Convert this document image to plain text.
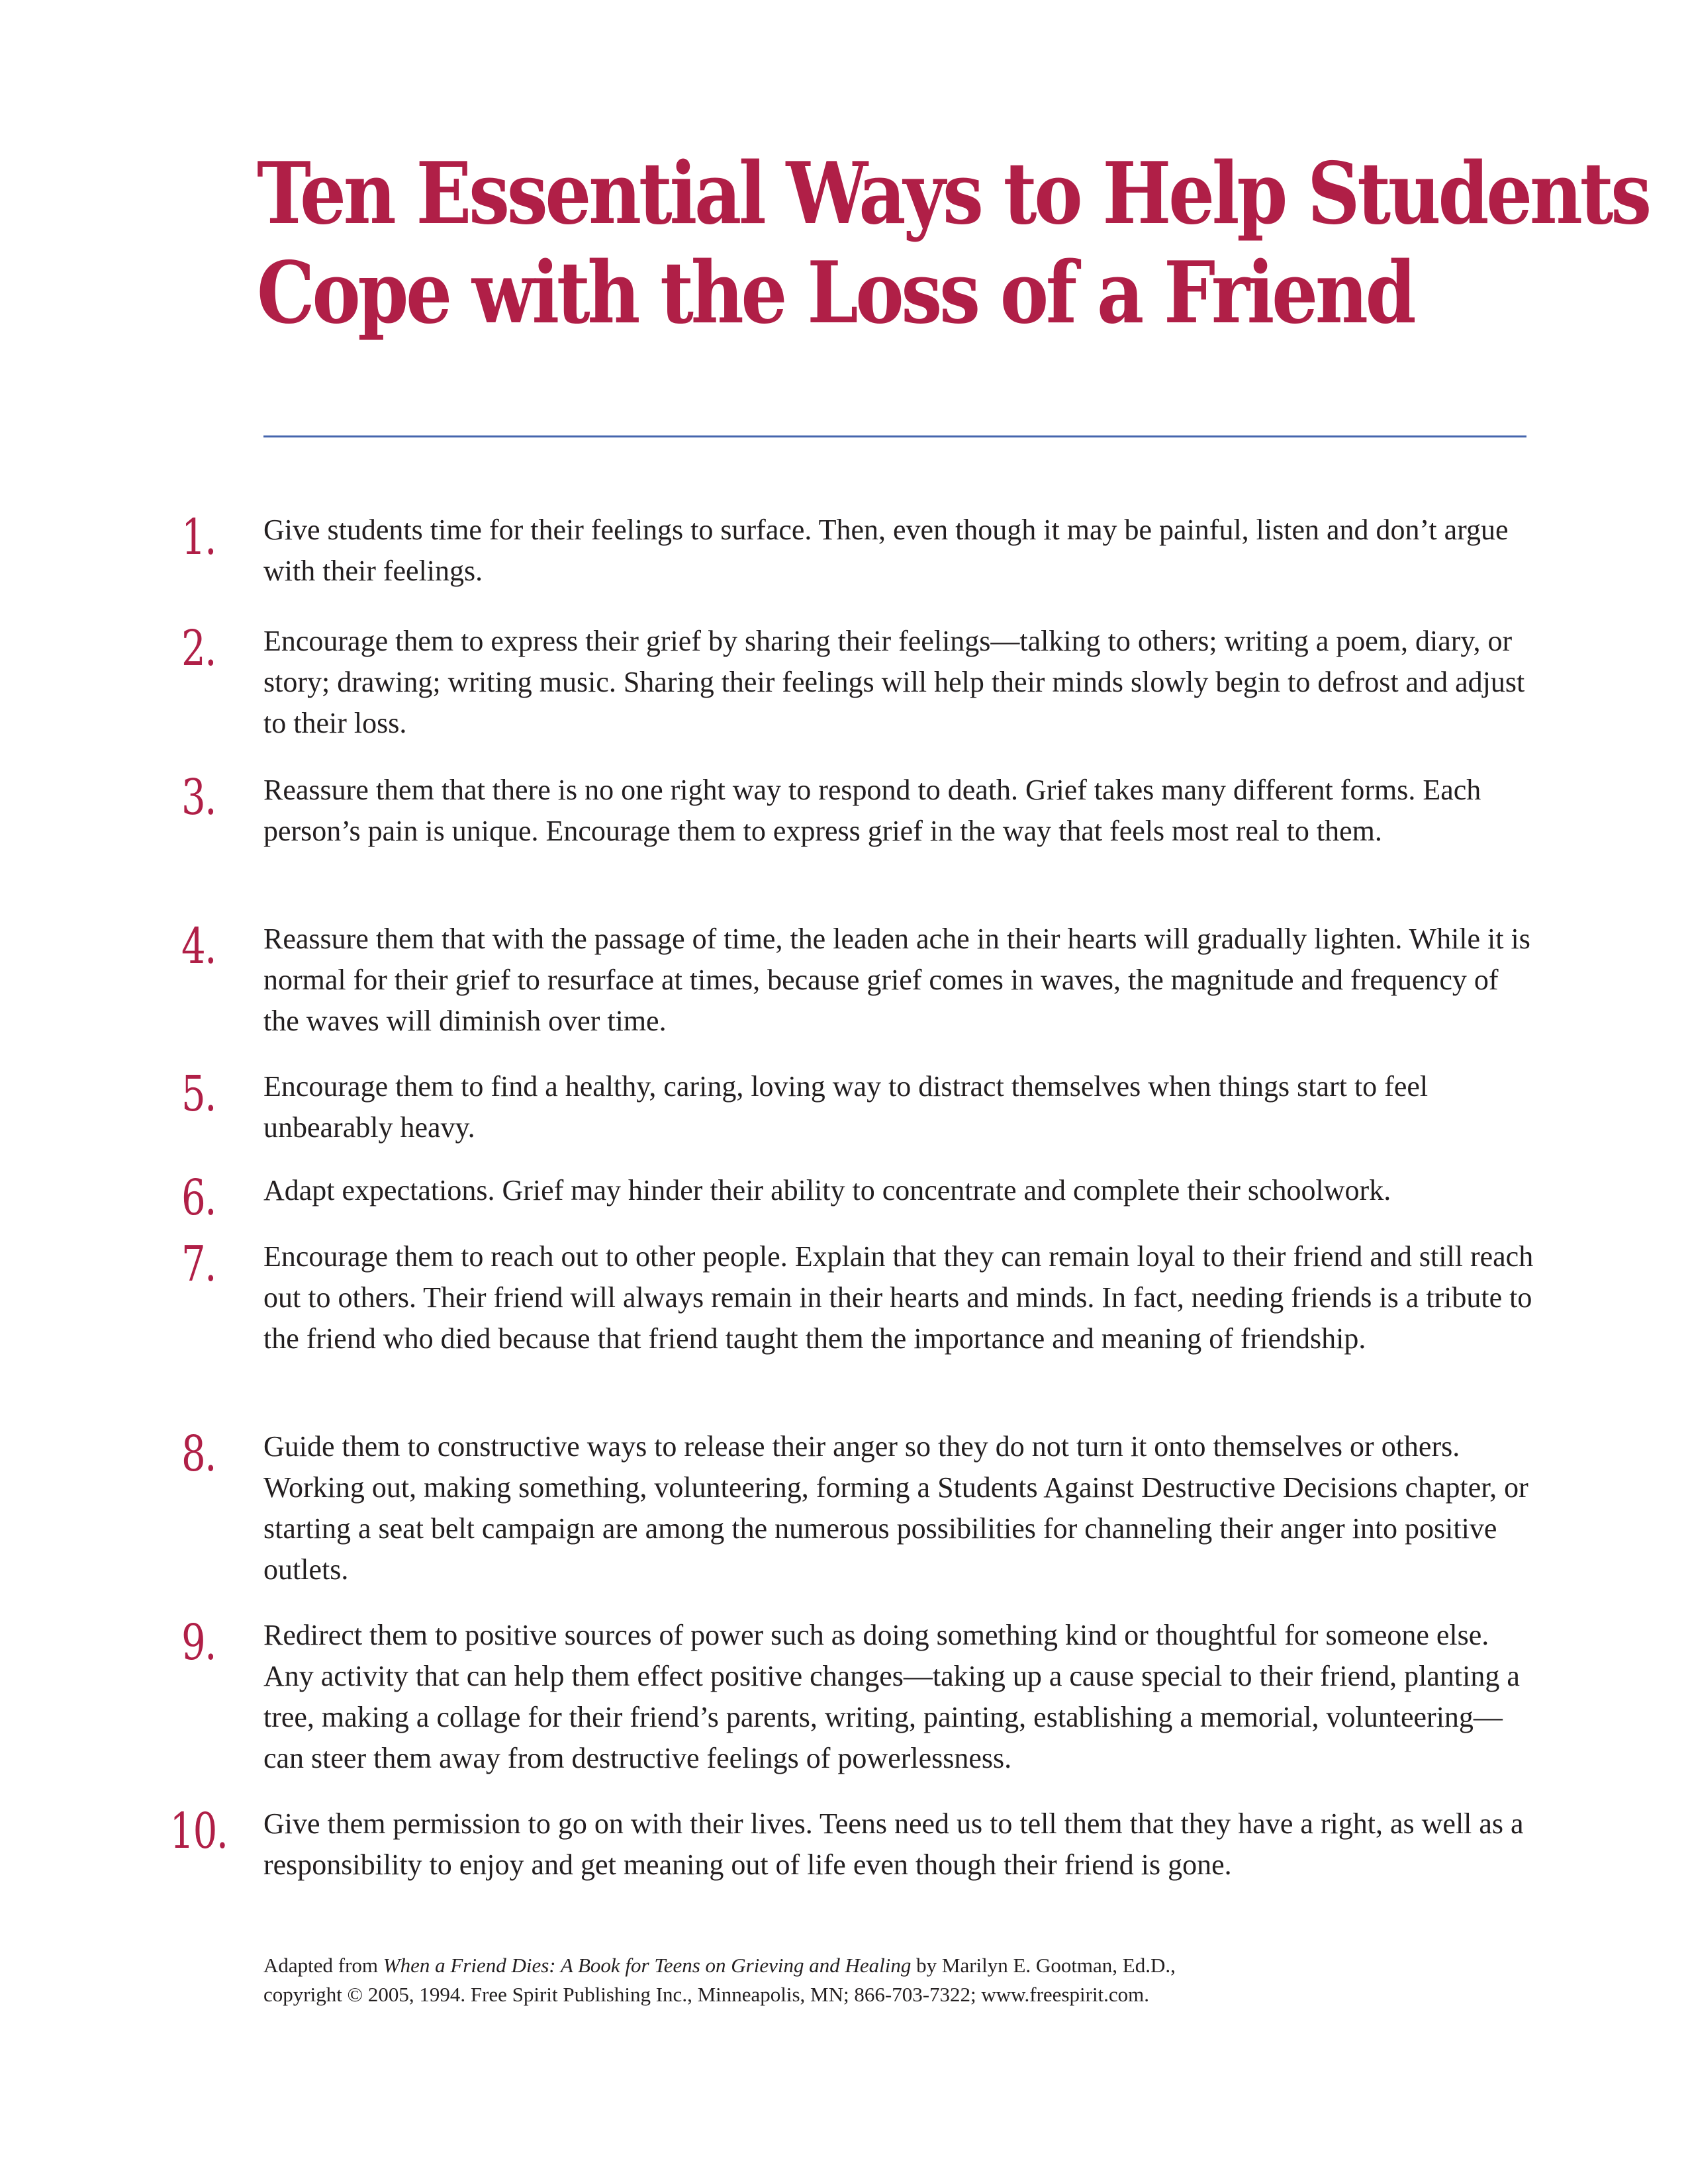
Ten Essential Ways to Help Students
Cope with the Loss of a Friend
1.	Give students time for their feelings to surface. Then, even though it may be painful, listen and don’t argue with their feelings.
2.	Encourage them to express their grief by sharing their feelings—talking to others; writing a poem, diary, or story; drawing; writing music. Sharing their feelings will help their minds slowly begin to defrost and adjust to their loss.
3.	Reassure them that there is no one right way to respond to death. Grief takes many different forms. Each person’s pain is unique. Encourage them to express grief in the way that feels most real to them.
4.	Reassure them that with the passage of time, the leaden ache in their hearts will gradually lighten. While it is normal for their grief to resurface at times, because grief comes in waves, the magnitude and frequency of the waves will diminish over time.
5.	Encourage them to find a healthy, caring, loving way to distract themselves when things start to feel unbearably heavy.
6.	Adapt expectations. Grief may hinder their ability to concentrate and complete their schoolwork.
7.	Encourage them to reach out to other people. Explain that they can remain loyal to their friend and still reach out to others. Their friend will always remain in their hearts and minds. In fact, needing friends is a tribute to the friend who died because that friend taught them the importance and meaning of friendship.
8.	Guide them to constructive ways to release their anger so they do not turn it onto themselves or others. Working out, making something, volunteering, forming a Students Against Destructive Decisions chapter, or starting a seat belt campaign are among the numerous possibilities for channeling their anger into positive outlets.
9.	Redirect them to positive sources of power such as doing something kind or thoughtful for someone else. Any activity that can help them effect positive changes—taking up a cause special to their friend, planting a tree, making a collage for their friend’s parents, writing, painting, establishing a memorial, volunteering—can steer them away from destructive feelings of powerlessness.
10. Give them permission to go on with their lives. Teens need us to tell them that they have a right, as well as a responsibility to enjoy and get meaning out of life even though their friend is gone.
Adapted from When a Friend Dies: A Book for Teens on Grieving and Healing by Marilyn E. Gootman, Ed.D.,
copyright © 2005, 1994. Free Spirit Publishing Inc., Minneapolis, MN; 866-703-7322; www.freespirit.com.
